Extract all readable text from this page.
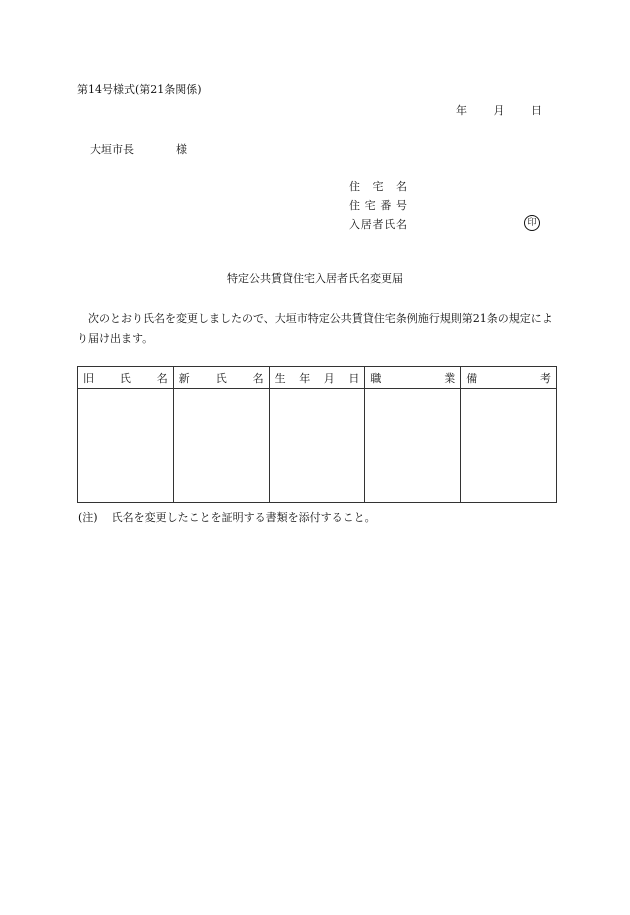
第14号様式(第21条関係)
年 月 日
大垣市長	様
住 宅 名
住 宅 番 号
入 居 者 氏 名	印
特定公共賃貸住宅入居者氏名変更届
次のとおり氏名を変更しましたので、大垣市特定公共賃貸住宅条例施行規則第21条の規定により届け出ます。
旧 氏 名	新 氏 名	生 年 月 日	職 業	備 考

(注) 氏名を変更したことを証明する書類を添付すること。
